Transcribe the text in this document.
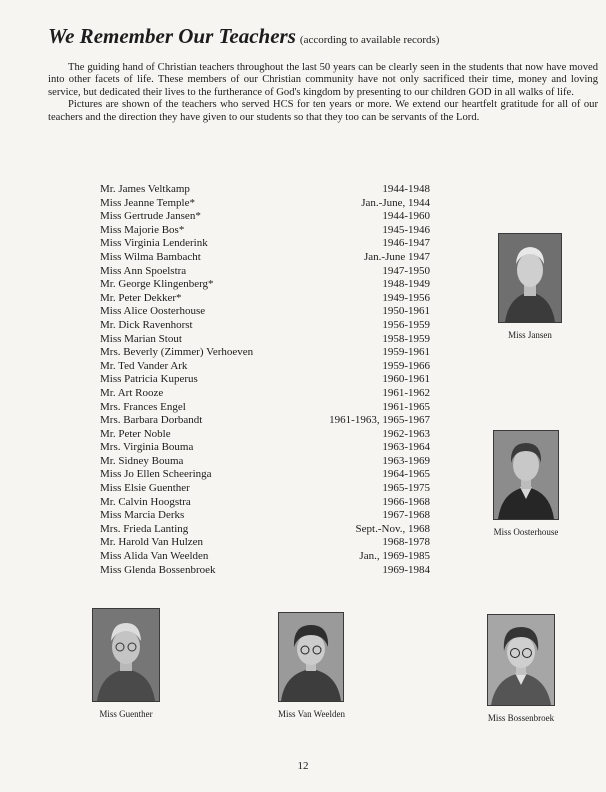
We Remember Our Teachers (according to available records)

The guiding hand of Christian teachers throughout the last 50 years can be clearly seen in the students that now have moved into other facets of life. These members of our Christian community have not only sacrificed their time, money and loving service, but dedicated their lives to the furtherance of God's kingdom by presenting to our children GOD in all walks of life.

Pictures are shown of the teachers who served HCS for ten years or more. We extend our heartfelt gratitude for all of our teachers and the direction they have given to our students so that they too can be servants of the Lord.

Mr. James Veltkamp	1944-1948
Miss Jeanne Temple*	Jan.-June, 1944
Miss Gertrude Jansen*	1944-1960
Miss Majorie Bos*	1945-1946
Miss Virginia Lenderink	1946-1947
Miss Wilma Bambacht	Jan.-June 1947
Miss Ann Spoelstra	1947-1950
Mr. George Klingenberg*	1948-1949
Mr. Peter Dekker*	1949-1956
Miss Alice Oosterhouse	1950-1961
Mr. Dick Ravenhorst	1956-1959
Miss Marian Stout	1958-1959
Mrs. Beverly (Zimmer) Verhoeven	1959-1961
Mr. Ted Vander Ark	1959-1966
Miss Patricia Kuperus	1960-1961
Mr. Art Rooze	1961-1962
Mrs. Frances Engel	1961-1965
Mrs. Barbara Dorbandt	1961-1963, 1965-1967
Mr. Peter Noble	1962-1963
Mrs. Virginia Bouma	1963-1964
Mr. Sidney Bouma	1963-1969
Miss Jo Ellen Scheeringa	1964-1965
Miss Elsie Guenther	1965-1975
Mr. Calvin Hoogstra	1966-1968
Miss Marcia Derks	1967-1968
Mrs. Frieda Lanting	Sept.-Nov., 1968
Mr. Harold Van Hulzen	1968-1978
Miss Alida Van Weelden	Jan., 1969-1985
Miss Glenda Bossenbroek	1969-1984
Miss Jansen
Miss Oosterhouse
Miss Guenther	Miss Van Weelden	Miss Bossenbroek
12
